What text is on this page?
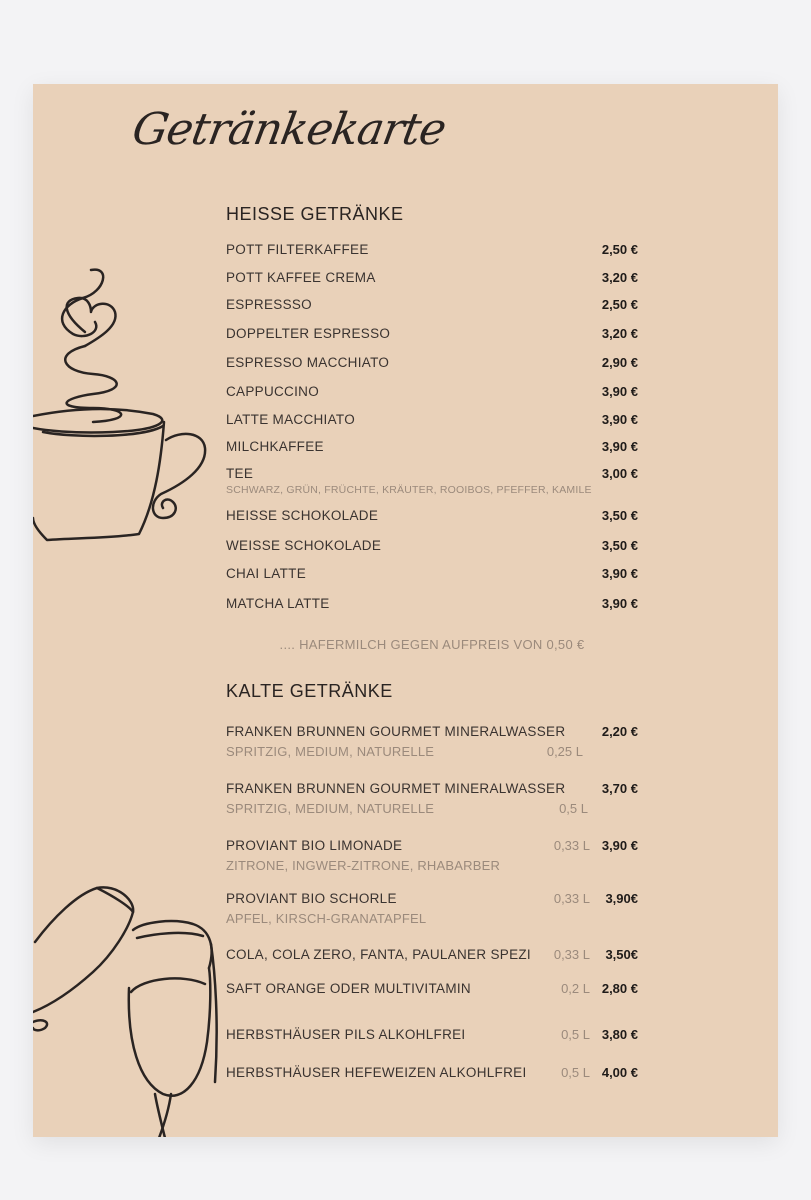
Getränkekarte
HEISSE GETRÄNKE
POTT FILTERKAFFEE	2,50 €
POTT KAFFEE CREMA	3,20 €
ESPRESSSO	2,50 €
DOPPELTER ESPRESSO	3,20 €
ESPRESSO MACCHIATO	2,90 €
CAPPUCCINO	3,90 €
LATTE MACCHIATO	3,90 €
MILCHKAFFEE	3,90 €
TEE	3,00 €
SCHWARZ, GRÜN, FRÜCHTE, KRÄUTER, ROOIBOS, PFEFFER, KAMILE
HEISSE SCHOKOLADE	3,50 €
WEISSE SCHOKOLADE	3,50 €
CHAI LATTE	3,90 €
MATCHA LATTE	3,90 €
.... HAFERMILCH GEGEN AUFPREIS VON 0,50 €
KALTE GETRÄNKE
FRANKEN BRUNNEN GOURMET MINERALWASSER	2,20 €
SPRITZIG, MEDIUM, NATURELLE	0,25 L
FRANKEN BRUNNEN GOURMET MINERALWASSER	3,70 €
SPRITZIG, MEDIUM, NATURELLE	0,5 L
PROVIANT BIO LIMONADE	0,33 L 3,90 €
ZITRONE, INGWER-ZITRONE, RHABARBER
PROVIANT BIO SCHORLE	0,33 L 3,90€
APFEL, KIRSCH-GRANATAPFEL
COLA, COLA ZERO, FANTA, PAULANER SPEZI 0,33 L 3,50€
SAFT ORANGE ODER MULTIVITAMIN	0,2 L 2,80 €
HERBSTHÄUSER PILS ALKOHLFREI	0,5 L 3,80 €
HERBSTHÄUSER HEFEWEIZEN ALKOHLFREI	0,5 L 4,00 €
